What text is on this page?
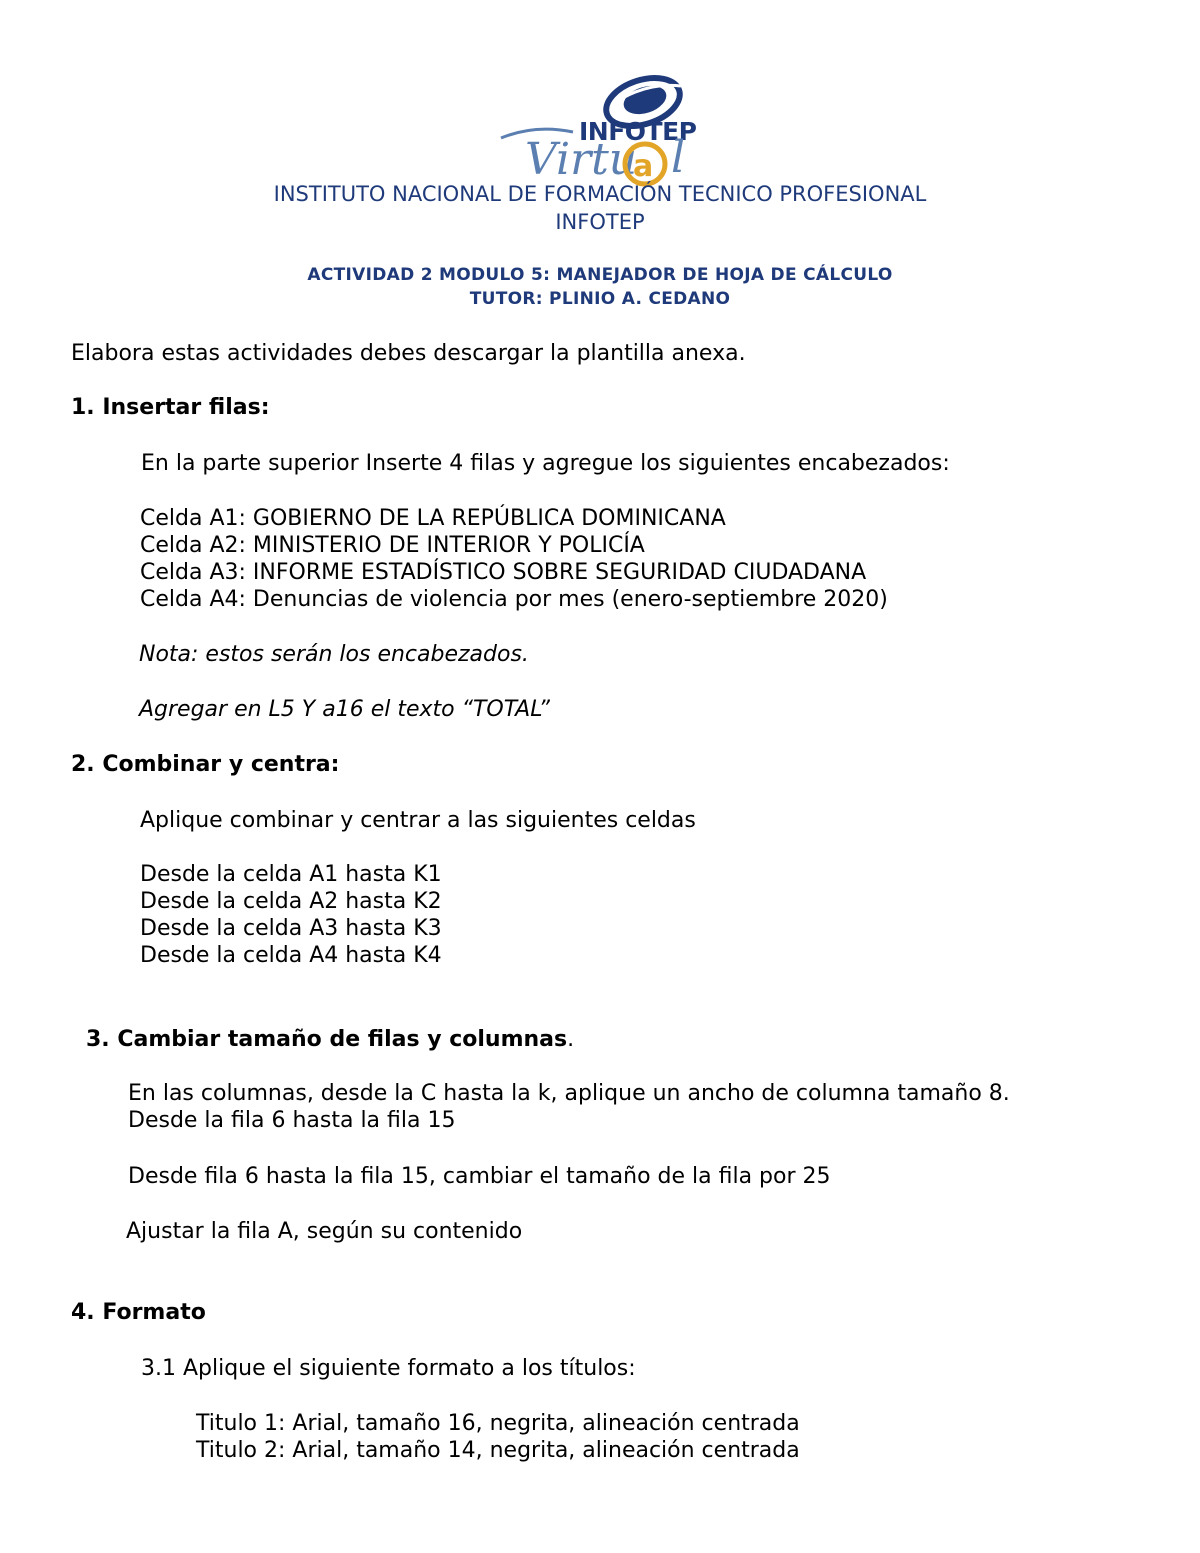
INFOTEP
Virtu
a l
INSTITUTO NACIONAL DE FORMACIÓN TECNICO PROFESIONAL
INFOTEP
ACTIVIDAD 2 MODULO 5: MANEJADOR DE HOJA DE CÁLCULO
TUTOR: PLINIO A. CEDANO
Elabora estas actividades debes descargar la plantilla anexa.
1. Insertar filas:
En la parte superior Inserte 4 filas y agregue los siguientes encabezados:
Celda A1: GOBIERNO DE LA REPÚBLICA DOMINICANA
Celda A2: MINISTERIO DE INTERIOR Y POLICÍA
Celda A3: INFORME ESTADÍSTICO SOBRE SEGURIDAD CIUDADANA
Celda A4: Denuncias de violencia por mes (enero-septiembre 2020)
Nota: estos serán los encabezados.
Agregar en L5 Y a16 el texto “TOTAL”
2. Combinar y centra:
Aplique combinar y centrar a las siguientes celdas
Desde la celda A1 hasta K1
Desde la celda A2 hasta K2
Desde la celda A3 hasta K3
Desde la celda A4 hasta K4
3. Cambiar tamaño de filas y columnas.
En las columnas, desde la C hasta la k, aplique un ancho de columna tamaño 8.
Desde la fila 6 hasta la fila 15
Desde fila 6 hasta la fila 15, cambiar el tamaño de la fila por 25
Ajustar la fila A, según su contenido
4. Formato
3.1 Aplique el siguiente formato a los títulos:
Titulo 1: Arial, tamaño 16, negrita, alineación centrada
Titulo 2: Arial, tamaño 14, negrita, alineación centrada
